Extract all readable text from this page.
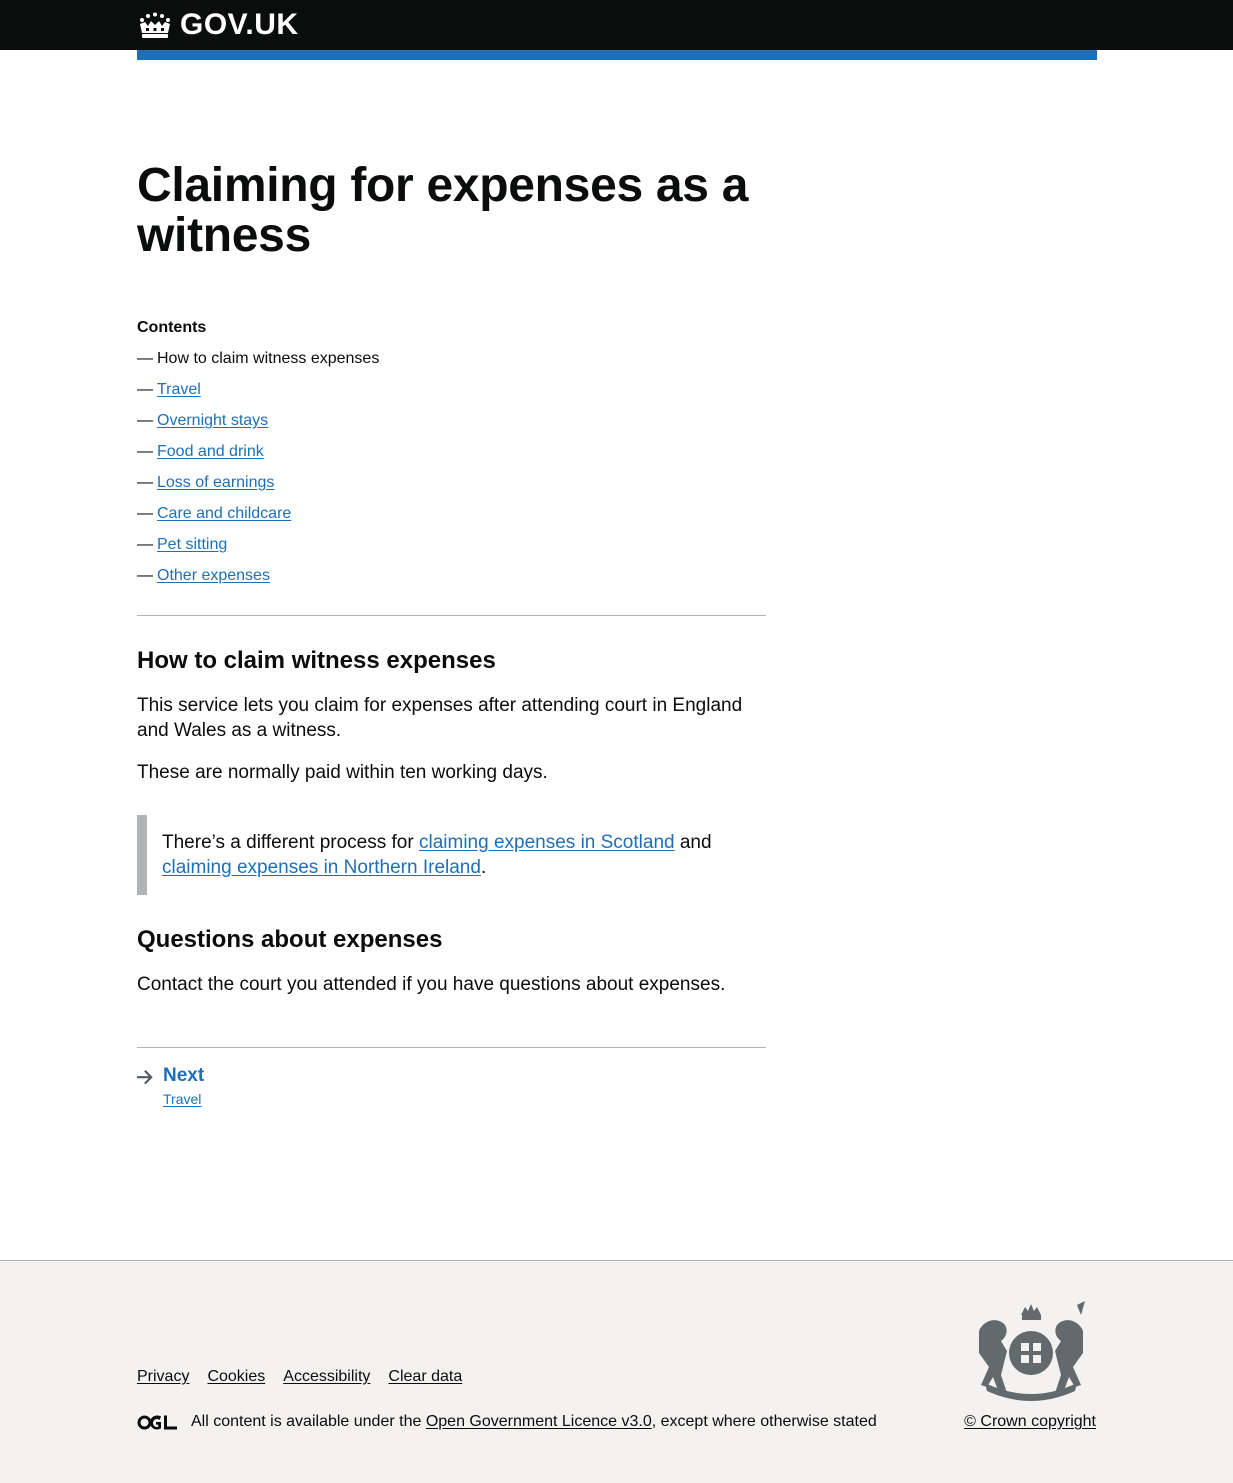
GOV.UK
Claiming for expenses as a witness
Contents
— How to claim witness expenses
— Travel
— Overnight stays
— Food and drink
— Loss of earnings
— Care and childcare
— Pet sitting
— Other expenses
How to claim witness expenses

This service lets you claim for expenses after attending court in England and Wales as a witness.

These are normally paid within ten working days.

There’s a different process for claiming expenses in Scotland and claiming expenses in Northern Ireland.
Questions about expenses

Contact the court you attended if you have questions about expenses.

Next
Travel
Privacy Cookies Accessibility Clear data
All content is available under the
Open Government Licence v3.0 , except where otherwise stated	© Crown copyright
